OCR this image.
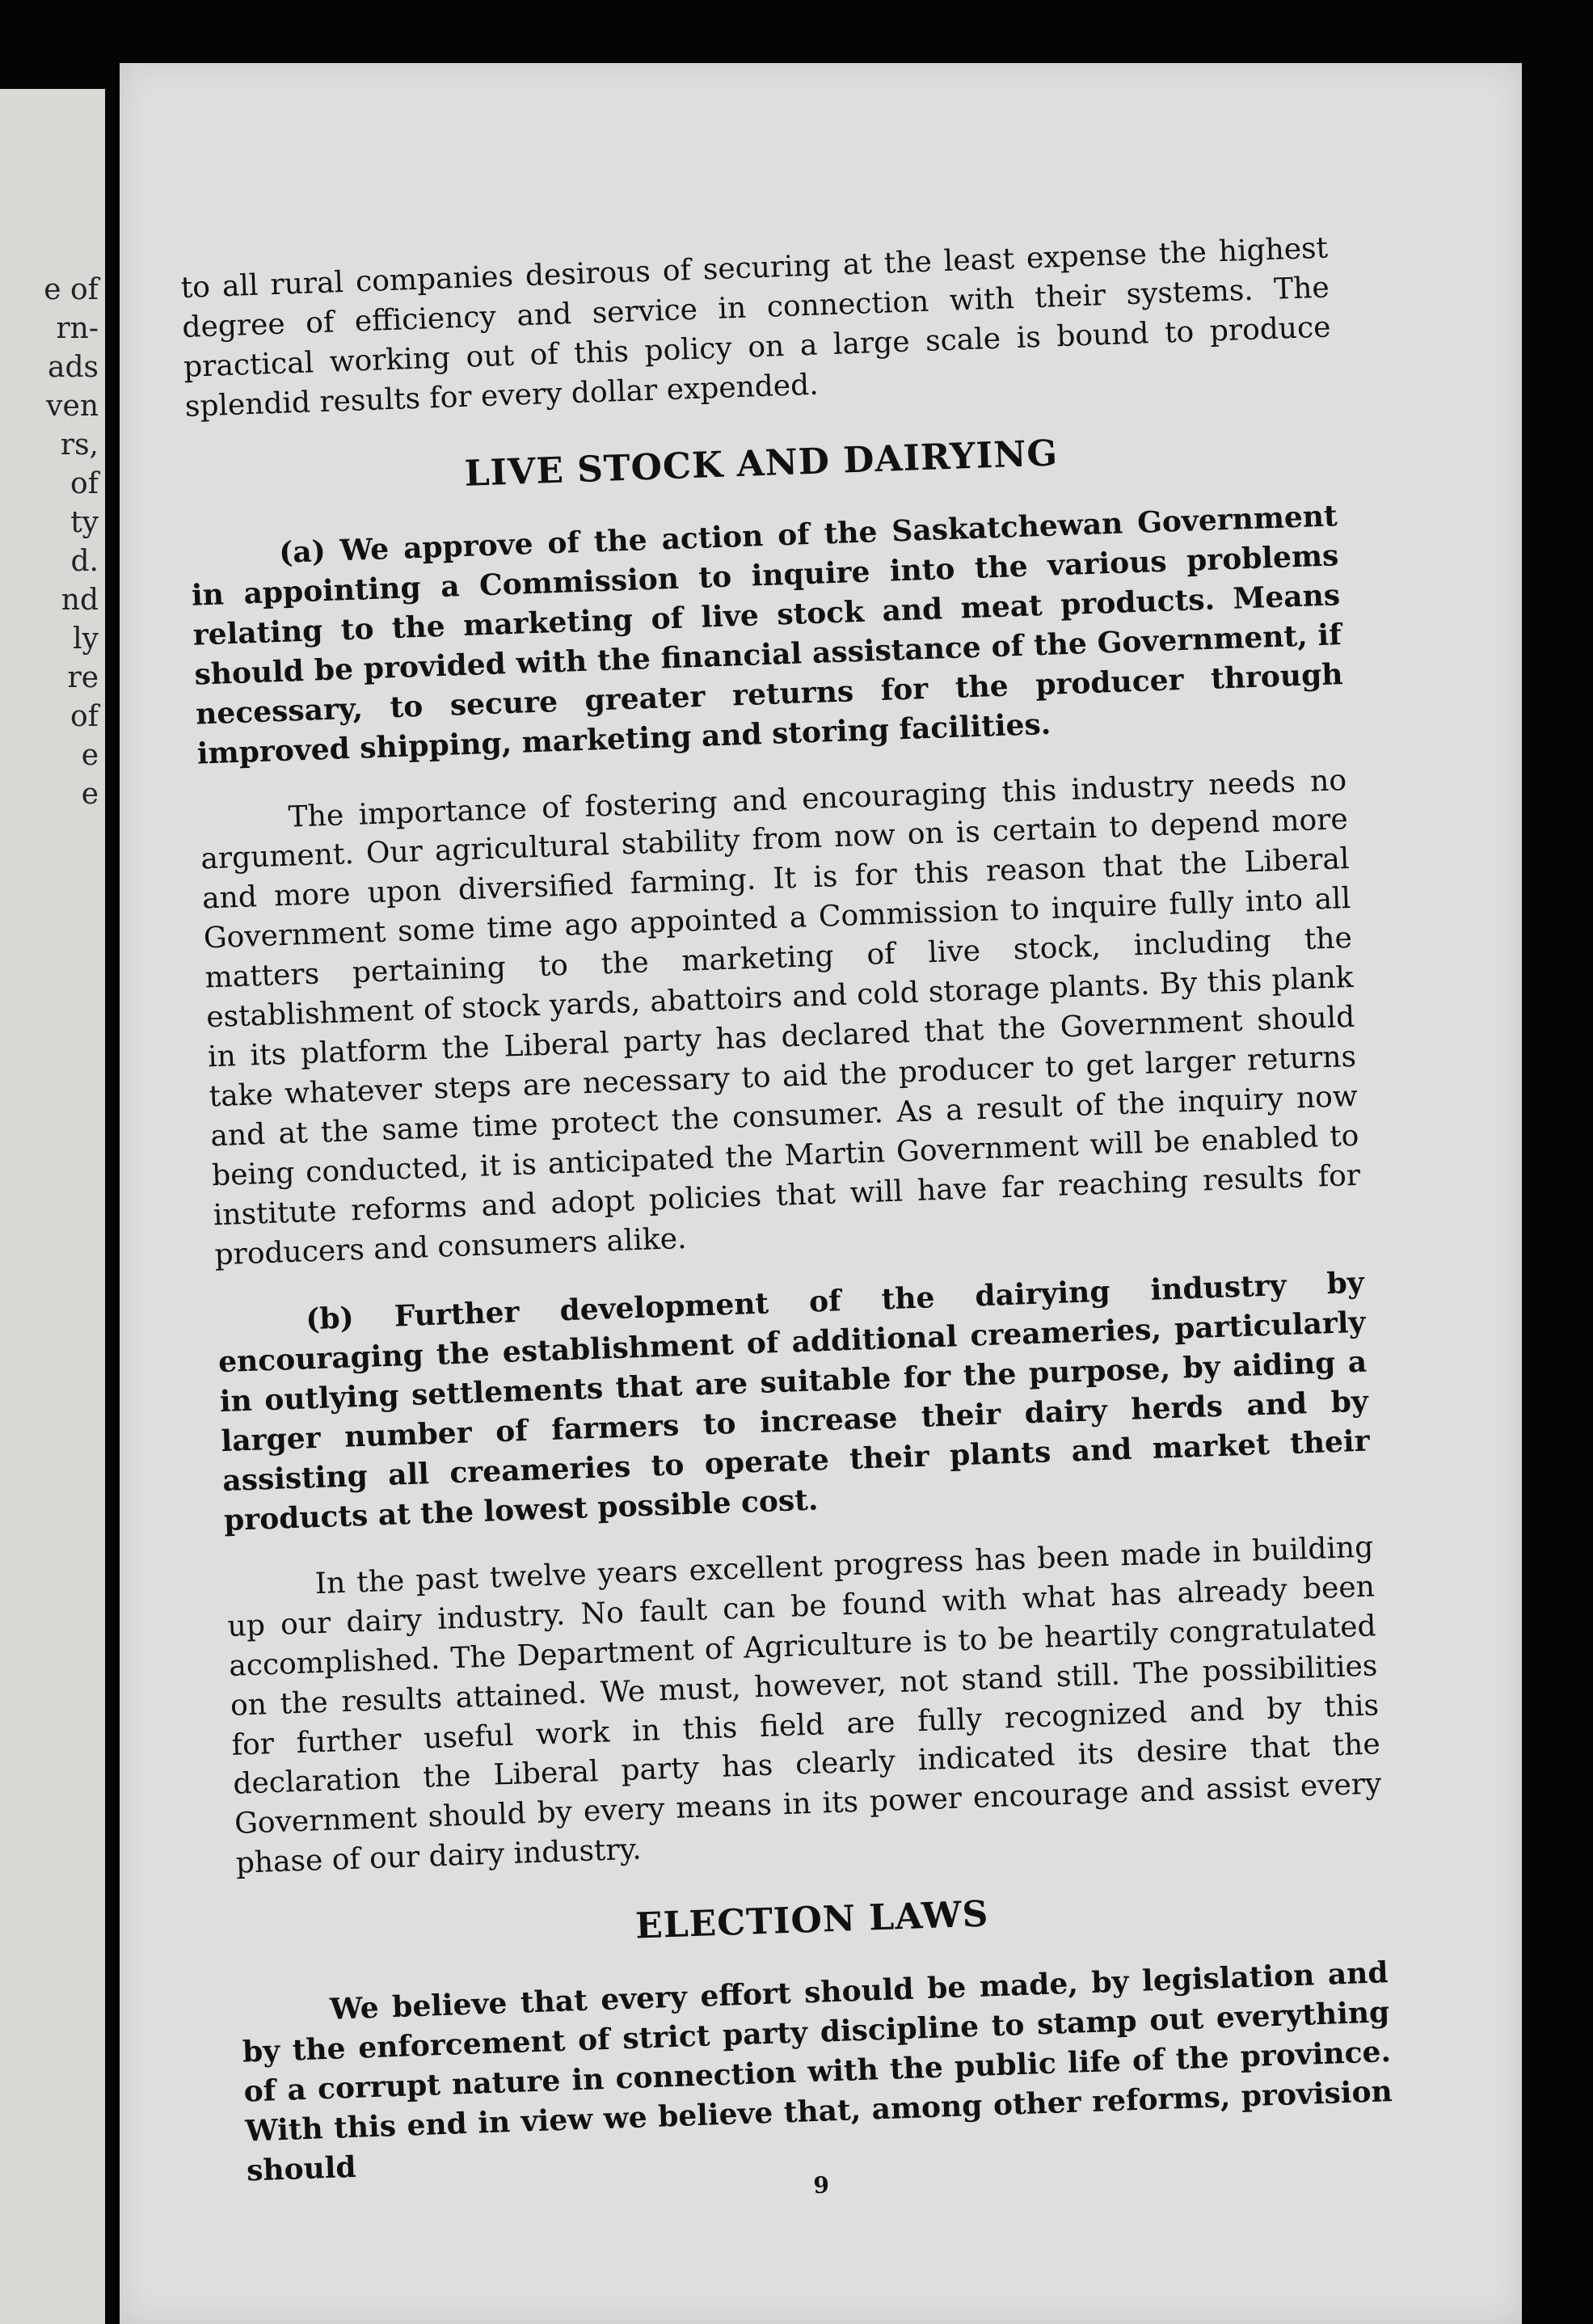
e of
rn-
ads
ven
rs,
of
ty
d.
nd
ly
re
of
e
e

to all rural companies desirous of securing at the least expense the highest degree of efficiency and service in connection with their systems. The practical working out of this policy on a large scale is bound to produce splendid results for every dollar expended.

LIVE STOCK AND DAIRYING

(a) We approve of the action of the Saskatchewan Government in appointing a Commission to inquire into the various problems relating to the marketing of live stock and meat products. Means should be provided with the financial assistance of the Government, if necessary, to secure greater returns for the producer through improved shipping, marketing and storing facilities.

The importance of fostering and encouraging this industry needs no argument. Our agricultural stability from now on is certain to depend more and more upon diversified farming. It is for this reason that the Liberal Government some time ago appointed a Commission to inquire fully into all matters pertaining to the marketing of live stock, including the establishment of stock yards, abattoirs and cold storage plants. By this plank in its platform the Liberal party has declared that the Government should take whatever steps are necessary to aid the producer to get larger returns and at the same time protect the consumer. As a result of the inquiry now being conducted, it is anticipated the Martin Government will be enabled to institute reforms and adopt policies that will have far reaching results for producers and consumers alike.

(b) Further development of the dairying industry by encouraging the establishment of additional creameries, particularly in outlying settlements that are suitable for the purpose, by aiding a larger number of farmers to increase their dairy herds and by assisting all creameries to operate their plants and market their products at the lowest possible cost.

In the past twelve years excellent progress has been made in building up our dairy industry. No fault can be found with what has already been accomplished. The Department of Agriculture is to be heartily congratulated on the results attained. We must, however, not stand still. The possibilities for further useful work in this field are fully recognized and by this declaration the Liberal party has clearly indicated its desire that the Government should by every means in its power encourage and assist every phase of our dairy industry.

ELECTION LAWS

We believe that every effort should be made, by legislation and by the enforcement of strict party discipline to stamp out everything of a corrupt nature in connection with the public life of the province. With this end in view we believe that, among other reforms, provision should	9
